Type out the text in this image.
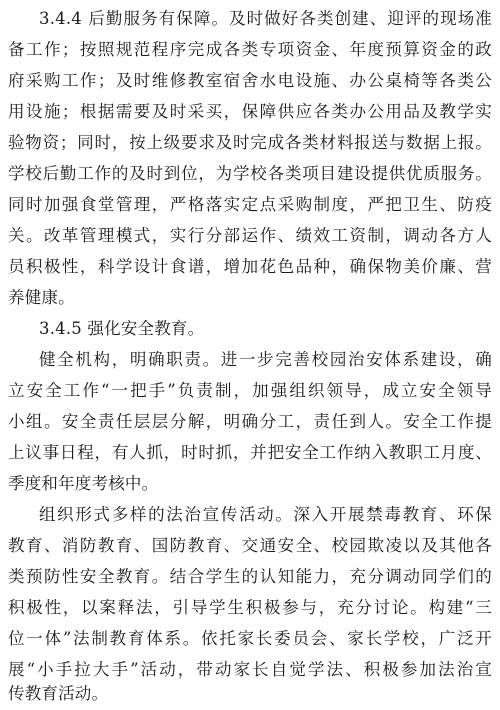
3.4.4 后勤服务有保障。及时做好各类创建、迎评的现场准
备工作；按照规范程序完成各类专项资金、年度预算资金的政
府采购工作；及时维修教室宿舍水电设施、办公桌椅等各类公
用设施；根据需要及时采买，保障供应各类办公用品及教学实
验物资；同时，按上级要求及时完成各类材料报送与数据上报。
学校后勤工作的及时到位，为学校各类项目建设提供优质服务。
同时加强食堂管理，严格落实定点采购制度，严把卫生、防疫
关。改革管理模式，实行分部运作、绩效工资制，调动各方人
员积极性，科学设计食谱，增加花色品种，确保物美价廉、营
养健康。
3.4.5 强化安全教育。
健全机构，明确职责。进一步完善校园治安体系建设，确
立安全工作“一把手”负责制，加强组织领导，成立安全领导
小组。安全责任层层分解，明确分工，责任到人。安全工作提
上议事日程，有人抓，时时抓，并把安全工作纳入教职工月度、
季度和年度考核中。
组织形式多样的法治宣传活动。深入开展禁毒教育、环保
教育、消防教育、国防教育、交通安全、校园欺凌以及其他各
类预防性安全教育。结合学生的认知能力，充分调动同学们的
积极性，以案释法，引导学生积极参与，充分讨论。构建“三
位一体”法制教育体系。依托家长委员会、家长学校，广泛开
展“小手拉大手”活动，带动家长自觉学法、积极参加法治宣
传教育活动。
